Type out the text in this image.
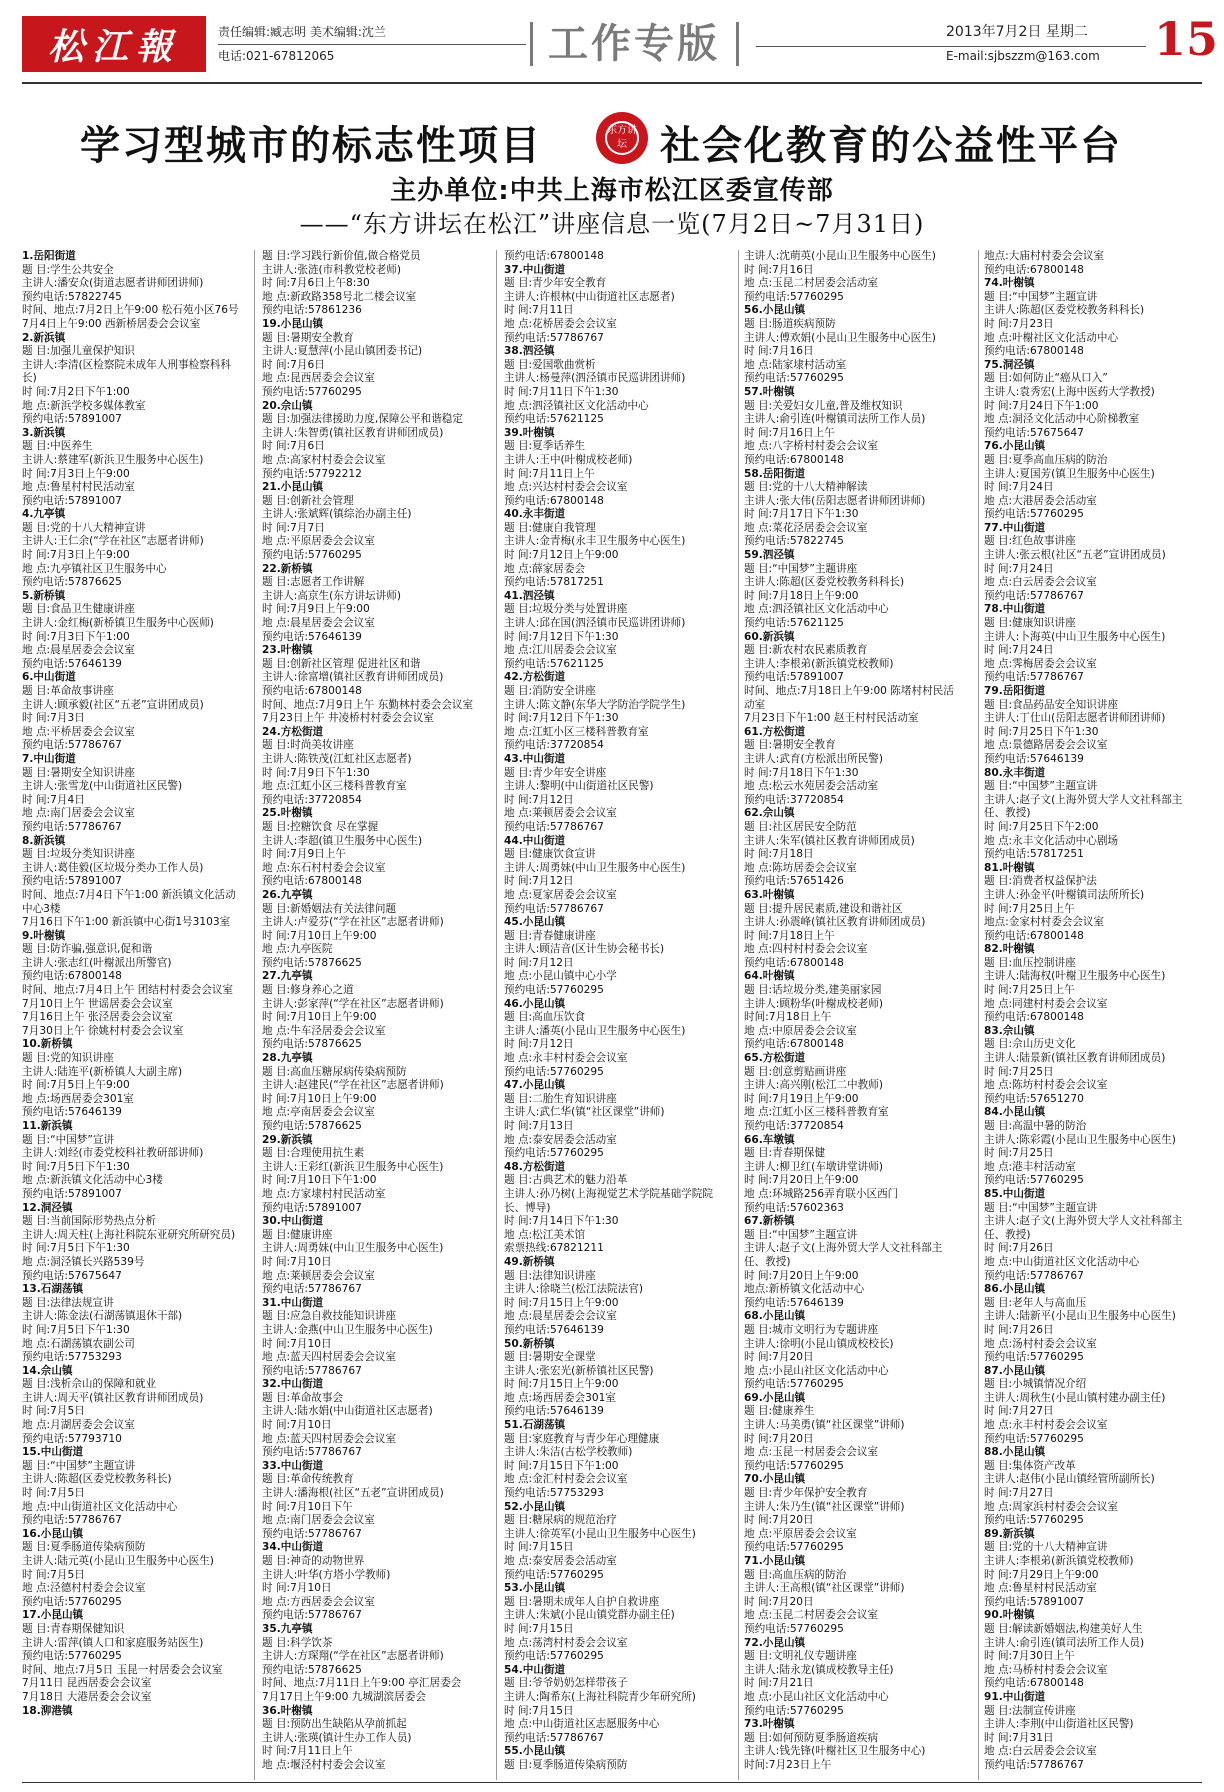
松江報	责任编辑:臧志明 美术编辑:沈兰
电话:021-67812065	工作专版	2013年7月2日 星期二
E-mail:sjbszzm@163.com	15
学习型城市的标志性项目	东方讲坛 社会化教育的公益性平台
主办单位:中共上海市松江区委宣传部
——“东方讲坛在松江”讲座信息一览(7月2日~7月31日)
1.岳阳街道
题 目:学生公共安全
主讲人:潘安众(街道志愿者讲师团讲师)
预约电话:57822745
时间、地点:7月2日上午9:00 松石苑小区76号
7月4日上午9:00 西新桥居委会会议室
2.新浜镇
题 目:加强儿童保护知识
主讲人:李清(区检察院未成年人刑事检察科科长)
时 间:7月2日下午1:00
地 点:新浜学校多媒体教室
预约电话:57891007
3.新浜镇
题 目:中医养生
主讲人:蔡建军(新浜卫生服务中心医生)
时 间:7月3日上午9:00
地 点:鲁星村村民活动室
预约电话:57891007
4.九亭镇
题 目:党的十八大精神宣讲
主讲人:王仁余(“学在社区”志愿者讲师)
时 间:7月3日上午9:00
地 点:九亭镇社区卫生服务中心
预约电话:57876625
5.新桥镇
题 目:食品卫生健康讲座
主讲人:金红梅(新桥镇卫生服务中心医师)
时 间:7月3日下午1:00
地 点:晨星居委会会议室
预约电话:57646139
6.中山街道
题 目:革命故事讲座
主讲人:顾承毅(社区“五老”宣讲团成员)
时 间:7月3日
地 点:平桥居委会会议室
预约电话:57786767
7.中山街道
题 目:暑期安全知识讲座
主讲人:张雪龙(中山街道社区民警)
时 间:7月4日
地 点:南门居委会会议室
预约电话:57786767
8.新浜镇
题 目:垃圾分类知识讲座
主讲人:葛佳毅(区垃圾分类办工作人员)
预约电话:57891007
时间、地点:7月4日下午1:00 新浜镇文化活动中心3楼
7月16日下午1:00 新浜镇中心街1号3103室
9.叶榭镇
题 目:防诈骗,强意识,促和谐
主讲人:张志红(叶榭派出所警官)
预约电话:67800148
时间、地点:7月4日上午 团结村村委会会议室
7月10日上午 世谣居委会会议室
7月16日上午 张泾居委会会议室
7月30日上午 徐姚村村委会会议室
10.新桥镇
题 目:党的知识讲座
主讲人:陆连平(新桥镇人大副主席)
时 间:7月5日上午9:00
地 点:场西居委会301室
预约电话:57646139
11.新浜镇
题 目:“中国梦”宣讲
主讲人:刘经(市委党校科社教研部讲师)
时 间:7月5日下午1:30
地 点:新浜镇文化活动中心3楼
预约电话:57891007
12.洞泾镇
题 目:当前国际形势热点分析
主讲人:周天柱(上海社科院东亚研究所研究员)
时 间:7月5日下午1:30
地 点:洞泾镇长兴路539号
预约电话:57675647
13.石湖荡镇
题 目:法律法规宣讲
主讲人:陈金法(石湖荡镇退休干部)
时 间:7月5日下午1:30
地 点:石湖荡镇农副公司
预约电话:57753293
14.佘山镇
题 目:浅析佘山的保障和就业
主讲人:周天平(镇社区教育讲师团成员)
时 间:7月5日
地 点:月湖居委会会议室
预约电话:57793710
15.中山街道
题 目:“中国梦”主题宣讲
主讲人:陈超(区委党校教务科长)
时 间:7月5日
地 点:中山街道社区文化活动中心
预约电话:57786767
16.小昆山镇
题 目:夏季肠道传染病预防
主讲人:陆元英(小昆山卫生服务中心医生)
时 间:7月5日
地 点:泾德村村委会会议室
预约电话:57760295
17.小昆山镇
题 目:青春期保健知识
主讲人:雷萍(镇人口和家庭服务站医生)
预约电话:57760295
时间、地点:7月5日 玉昆一村居委会会议室
7月11日 昆西居委会会议室
7月18日 大港居委会会议室
18.泖港镇
题 目:学习践行新价值,做合格党员
主讲人:张涟(市科教党校老师)
时 间:7月6日上午8:30
地 点:新政路358号北二楼会议室
预约电话:57861236
19.小昆山镇
题 目:暑期安全教育
主讲人:夏慧萍(小昆山镇团委书记)
时 间:7月6日
地 点:昆西居委会会议室
预约电话:57760295
20.佘山镇
题 目:加强法律援助力度,保障公平和谐稳定
主讲人:朱智勇(镇社区教育讲师团成员)
时 间:7月6日
地 点:高家村村委会会议室
预约电话:57792212
21.小昆山镇
题 目:创新社会管理
主讲人:张斌辉(镇综治办副主任)
时 间:7月7日
地 点:平原居委会会议室
预约电话:57760295
22.新桥镇
题 目:志愿者工作讲解
主讲人:高京生(东方讲坛讲师)
时 间:7月9日上午9:00
地 点:晨星居委会会议室
预约电话:57646139
23.叶榭镇
题 目:创新社区管理 促进社区和谐
主讲人:徐富增(镇社区教育讲师团成员)
预约电话:67800148
时间、地点:7月9日上午 东勤林村委会会议室
7月23日上午 井凌桥村村委会会议室
24.方松街道
题 目:时尚美妆讲座
主讲人:陈铁茂(江虹社区志愿者)
时 间:7月9日下午1:30
地 点:江虹小区三楼科普教育室
预约电话:37720854
25.叶榭镇
题 目:控糖饮食 尽在掌握
主讲人:李超(镇卫生服务中心医生)
时 间:7月9日上午
地 点:东石村村委会会议室
预约电话:67800148
26.九亭镇
题 目:新婚姻法有关法律问题
主讲人:卢爱芬(“学在社区”志愿者讲师)
时 间:7月10日上午9:00
地 点:九亭医院
预约电话:57876625
27.九亭镇
题 目:修身养心之道
主讲人:彭家萍(“学在社区”志愿者讲师)
时 间:7月10日上午9:00
地 点:牛车泾居委会会议室
预约电话:57876625
28.九亭镇
题 目:高血压糖尿病传染病预防
主讲人:赵建民(“学在社区”志愿者讲师)
时 间:7月10日上午9:00
地 点:亭南居委会会议室
预约电话:57876625
29.新浜镇
题 目:合理使用抗生素
主讲人:王彩红(新浜卫生服务中心医生)
时 间:7月10日下午1:00
地 点:方家埭村村民活动室
预约电话:57891007
30.中山街道
题 目:健康讲座
主讲人:周勇妹(中山卫生服务中心医生)
时 间:7月10日
地 点:莱顿居委会会议室
预约电话:57786767
31.中山街道
题 目:应急自救技能知识讲座
主讲人:金燕(中山卫生服务中心医生)
时 间:7月10日
地 点:蓝天四村居委会会议室
预约电话:57786767
32.中山街道
题 目:革命故事会
主讲人:陆水娟(中山街道社区志愿者)
时 间:7月10日
地 点:蓝天四村居委会会议室
预约电话:57786767
33.中山街道
题 目:革命传统教育
主讲人:潘海根(社区“五老”宣讲团成员)
时 间:7月10日下午
地 点:南门居委会会议室
预约电话:57786767
34.中山街道
题 目:神奇的动物世界
主讲人:叶华(方塔小学教师)
时 间:7月10日
地 点:方西居委会会议室
预约电话:57786767
35.九亭镇
题 目:科学饮茶
主讲人:方琛翔(“学在社区”志愿者讲师)
预约电话:57876625
时间、地点:7月11日上午9:00 亭汇居委会
7月17日上午9:00 九城湖滨居委会
36.叶榭镇
题 目:预防出生缺陷从孕前抓起
主讲人:张瑛(镇计生办工作人员)
时 间:7月11日上午
地 点:堰泾村村委会会议室
预约电话:67800148
37.中山街道
题 目:青少年安全教育
主讲人:许根林(中山街道社区志愿者)
时 间:7月11日
地 点:花桥居委会会议室
预约电话:57786767
38.泗泾镇
题 目:爱国歌曲赏析
主讲人:杨曼萍(泗泾镇市民巡讲团讲师)
时 间:7月11日下午1:30
地 点:泗泾镇社区文化活动中心
预约电话:57621125
39.叶榭镇
题 目:夏季话养生
主讲人:王中(叶榭成校老师)
时 间:7月11日上午
地 点:兴达村村委会会议室
预约电话:67800148
40.永丰街道
题 目:健康自我管理
主讲人:金青梅(永丰卫生服务中心医生)
时 间:7月12日上午9:00
地 点:薛家居委会
预约电话:57817251
41.泗泾镇
题 目:垃圾分类与处置讲座
主讲人:邱在国(泗泾镇市民巡讲团讲师)
时 间:7月12日下午1:30
地 点:江川居委会会议室
预约电话:57621125
42.方松街道
题 目:消防安全讲座
主讲人:陈文静(东华大学防治学院学生)
时 间:7月12日下午1:30
地 点:江虹小区三楼科普教育室
预约电话:37720854
43.中山街道
题 目:青少年安全讲座
主讲人:黎明(中山街道社区民警)
时 间:7月12日
地 点:莱顿居委会会议室
预约电话:57786767
44.中山街道
题 目:健康饮食宣讲
主讲人:周勇妹(中山卫生服务中心医生)
时 间:7月12日
地 点:夏家居委会会议室
预约电话:57786767
45.小昆山镇
题 目:青春健康讲座
主讲人:顾洁音(区计生协会秘书长)
时 间:7月12日
地 点:小昆山镇中心小学
预约电话:57760295
46.小昆山镇
题 目:高血压饮食
主讲人:潘英(小昆山卫生服务中心医生)
时 间:7月12日
地 点:永丰村村委会会议室
预约电话:57760295
47.小昆山镇
题 目:二胎生育知识讲座
主讲人:武仁华(镇“社区课堂”讲师)
时 间:7月13日
地 点:泰安居委会活动室
预约电话:57760295
48.方松街道
题 目:古典艺术的魅力沿革
主讲人:孙乃树(上海视觉艺术学院基础学院院长、博导)
时 间:7月14日下午1:30
地 点:松江美术馆
索票热线:67821211
49.新桥镇
题 目:法律知识讲座
主讲人:徐晓兰(松江法院法官)
时 间:7月15日上午9:00
地 点:晨星居委会会议室
预约电话:57646139
50.新桥镇
题 目:暑期安全课堂
主讲人:张宏光(新桥镇社区民警)
时 间:7月15日上午9:00
地 点:场西居委会301室
预约电话:57646139
51.石湖荡镇
题 目:家庭教育与青少年心理健康
主讲人:朱洁(古松学校教师)
时 间:7月15日下午1:00
地 点:金汇村村委会会议室
预约电话:57753293
52.小昆山镇
题 目:糖尿病的规范治疗
主讲人:徐英军(小昆山卫生服务中心医生)
时 间:7月15日
地 点:泰安居委会活动室
预约电话:57760295
53.小昆山镇
题 目:暑期未成年人自护自救讲座
主讲人:朱斌(小昆山镇党群办副主任)
时 间:7月15日
地 点:荡湾村村委会会议室
预约电话:57760295
54.中山街道
题 目:爷爷奶奶怎样带孩子
主讲人:陶希东(上海社科院青少年研究所)
时 间:7月15日
地 点:中山街道社区志愿服务中心
预约电话:57786767
55.小昆山镇
题 目:夏季肠道传染病预防
主讲人:沈萌英(小昆山卫生服务中心医生)
时 间:7月16日
地 点:玉昆二村居委会活动室
预约电话:57760295
56.小昆山镇
题 目:肠道疾病预防
主讲人:傅欢娟(小昆山卫生服务中心医生)
时 间:7月16日
地 点:陆家埭村活动室
预约电话:57760295
57.叶榭镇
题 目:关爱妇女儿童,普及维权知识
主讲人:俞引连(叶榭镇司法所工作人员)
时 间:7月16日上午
地 点:八字桥村村委会会议室
预约电话:67800148
58.岳阳街道
题 目:党的十八大精神解读
主讲人:张大伟(岳阳志愿者讲师团讲师)
时 间:7月17日下午1:30
地 点:菜花泾居委会会议室
预约电话:57822745
59.泗泾镇
题 目:“中国梦”主题讲座
主讲人:陈超(区委党校教务科科长)
时 间:7月18日上午9:00
地 点:泗泾镇社区文化活动中心
预约电话:57621125
60.新浜镇
题 目:新农村农民素质教育
主讲人:李根弟(新浜镇党校教师)
预约电话:57891007
时间、地点:7月18日上午9:00 陈堵村村民活动室
7月23日下午1:00 赵王村村民活动室
61.方松街道
题 目:暑期安全教育
主讲人:武育(方松派出所民警)
时 间:7月18日下午1:30
地 点:松云水苑居委会活动室
预约电话:37720854
62.佘山镇
题 目:社区居民安全防范
主讲人:朱军(镇社区教育讲师团成员)
时 间:7月18日
地 点:陈坊居委会会议室
预约电话:57651426
63.叶榭镇
题 目:提升居民素质,建设和谐社区
主讲人:孙震峰(镇社区教育讲师团成员)
时 间:7月18日上午
地 点:四村村村委会会议室
预约电话:67800148
64.叶榭镇
题 目:话垃圾分类,建美丽家园
主讲人:顾粉华(叶榭成校老师)
时间:7月18日上午
地 点:中原居委会会议室
预约电话:67800148
65.方松街道
题 目:创意剪贴画讲座
主讲人:高兴刚(松江二中教师)
时 间:7月19日上午9:00
地 点:江虹小区三楼科普教育室
预约电话:37720854
66.车墩镇
题 目:青春期保健
主讲人:柳卫红(车墩讲堂讲师)
时 间:7月20日上午9:00
地 点:环城路256弄育联小区西门
预约电话:57602363
67.新桥镇
题 目:“中国梦”主题宣讲
主讲人:赵子文(上海外贸大学人文社科部主任、教授)
时 间:7月20日上午9:00
地点:新桥镇文化活动中心
预约电话:57646139
68.小昆山镇
题 目:城市文明行为专题讲座
主讲人:徐明(小昆山镇成校校长)
时 间:7月20日
地 点:小昆山社区文化活动中心
预约电话:57760295
69.小昆山镇
题 目:健康养生
主讲人:马美勇(镇“社区课堂”讲师)
时 间:7月20日
地 点:玉昆一村居委会会议室
预约电话:57760295
70.小昆山镇
题 目:青少年保护安全教育
主讲人:朱乃生(镇“社区课堂”讲师)
时 间:7月20日
地 点:平原居委会会议室
预约电话:57760295
71.小昆山镇
题 目:高血压病的防治
主讲人:王高根(镇“社区课堂”讲师)
时 间:7月20日
地 点:玉昆二村居委会会议室
预约电话:57760295
72.小昆山镇
题 目:文明礼仪专题讲座
主讲人:陆永龙(镇成校教导主任)
时 间:7月21日
地 点:小昆山社区文化活动中心
预约电话:57760295
73.叶榭镇
题 目:如何预防夏季肠道疾病
主讲人:钱先锋(叶榭社区卫生服务中心)
时间:7月23日上午
地点:大庙村村委会会议室
预约电话:67800148
74.叶榭镇
题 目:“中国梦”主题宣讲
主讲人:陈超(区委党校教务科科长)
时 间:7月23日
地 点:叶榭社区文化活动中心
预约电话:67800148
75.洞泾镇
题 目:如何防止“癌从口入”
主讲人:袁秀宏(上海中医药大学教授)
时 间:7月24日下午1:00
地 点:洞泾文化活动中心阶梯教室
预约电话:57675647
76.小昆山镇
题 目:夏季高血压病的防治
主讲人:夏国芳(镇卫生服务中心医生)
时 间:7月24日
地 点:大港居委会活动室
预约电话:57760295
77.中山街道
题 目:红色故事讲座
主讲人:张云根(社区“五老”宣讲团成员)
时 间:7月24日
地 点:白云居委会会议室
预约电话:57786767
78.中山街道
题 目:健康知识讲座
主讲人:卜海英(中山卫生服务中心医生)
时 间:7月24日
地 点:霁梅居委会会议室
预约电话:57786767
79.岳阳街道
题 目:食品药品安全知识讲座
主讲人:丁仕山(岳阳志愿者讲师团讲师)
时 间:7月25日下午1:30
地 点:景德路居委会会议室
预约电话:57646139
80.永丰街道
题 目:“中国梦”主题宣讲
主讲人:赵子文(上海外贸大学人文社科部主任、教授)
时 间:7月25日下午2:00
地 点:永丰文化活动中心剧场
预约电话:57817251
81.叶榭镇
题 目:消费者权益保护法
主讲人:孙金平(叶榭镇司法所所长)
时 间:7月25日上午
地点:金家村村委会会议室
预约电话:67800148
82.叶榭镇
题 目:血压控制讲座
主讲人:陆海权(叶榭卫生服务中心医生)
时 间:7月25日上午
地 点:同建村村委会会议室
预约电话:67800148
83.佘山镇
题 目:佘山历史文化
主讲人:陆景新(镇社区教育讲师团成员)
时 间:7月25日
地 点:陈坊村村委会会议室
预约电话:57651270
84.小昆山镇
题 目:高温中暑的防治
主讲人:陈彩霞(小昆山卫生服务中心医生)
时 间:7月25日
地 点:港丰村活动室
预约电话:57760295
85.中山街道
题 目:“中国梦”主题宣讲
主讲人:赵子文(上海外贸大学人文社科部主任、教授)
时 间:7月26日
地 点:中山街道社区文化活动中心
预约电话:57786767
86.小昆山镇
题 目:老年人与高血压
主讲人:陆新平(小昆山卫生服务中心医生)
时 间:7月26日
地 点:汤村村委会会议室
预约电话:57760295
87.小昆山镇
题 目:小城镇情况介绍
主讲人:周秋生(小昆山镇村建办副主任)
时 间:7月27日
地 点:永丰村村委会会议室
预约电话:57760295
88.小昆山镇
题 目:集体资产改革
主讲人:赵伟(小昆山镇经管所副所长)
时 间:7月27日
地 点:周家浜村村委会会议室
预约电话:57760295
89.新浜镇
题 目:党的十八大精神宣讲
主讲人:李根弟(新浜镇党校教师)
时 间:7月29日上午9:00
地 点:鲁星村村民活动室
预约电话:57891007
90.叶榭镇
题 目:解读新婚姻法,构建美好人生
主讲人:俞引连(镇司法所工作人员)
时 间:7月30日上午
地 点:马桥村村委会会议室
预约电话:67800148
91.中山街道
题 目:法制宣传讲座
主讲人:李荆(中山街道社区民警)
时 间:7月31日
地 点:白云居委会会议室
预约电话:57786767
